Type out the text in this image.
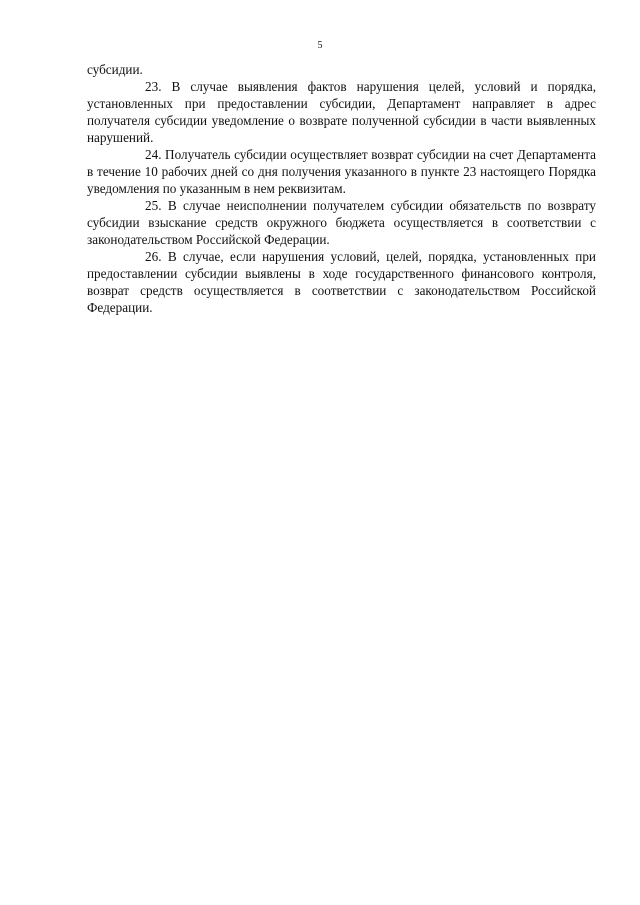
5

субсидии.

23. В случае выявления фактов нарушения целей, условий и порядка, установленных при предоставлении субсидии, Департамент направляет в адрес получателя субсидии уведомление о возврате полученной субсидии в части выявленных нарушений.

24. Получатель субсидии осуществляет возврат субсидии на счет Департамента в течение 10 рабочих дней со дня получения указанного в пункте 23 настоящего Порядка уведомления по указанным в нем реквизитам.

25. В случае неисполнении получателем субсидии обязательств по возврату субсидии взыскание средств окружного бюджета осуществляется в соответствии с законодательством Российской Федерации.

26. В случае, если нарушения условий, целей, порядка, установленных при предоставлении субсидии выявлены в ходе государственного финансового контроля, возврат средств осуществляется в соответствии с законодательством Российской Федерации.
